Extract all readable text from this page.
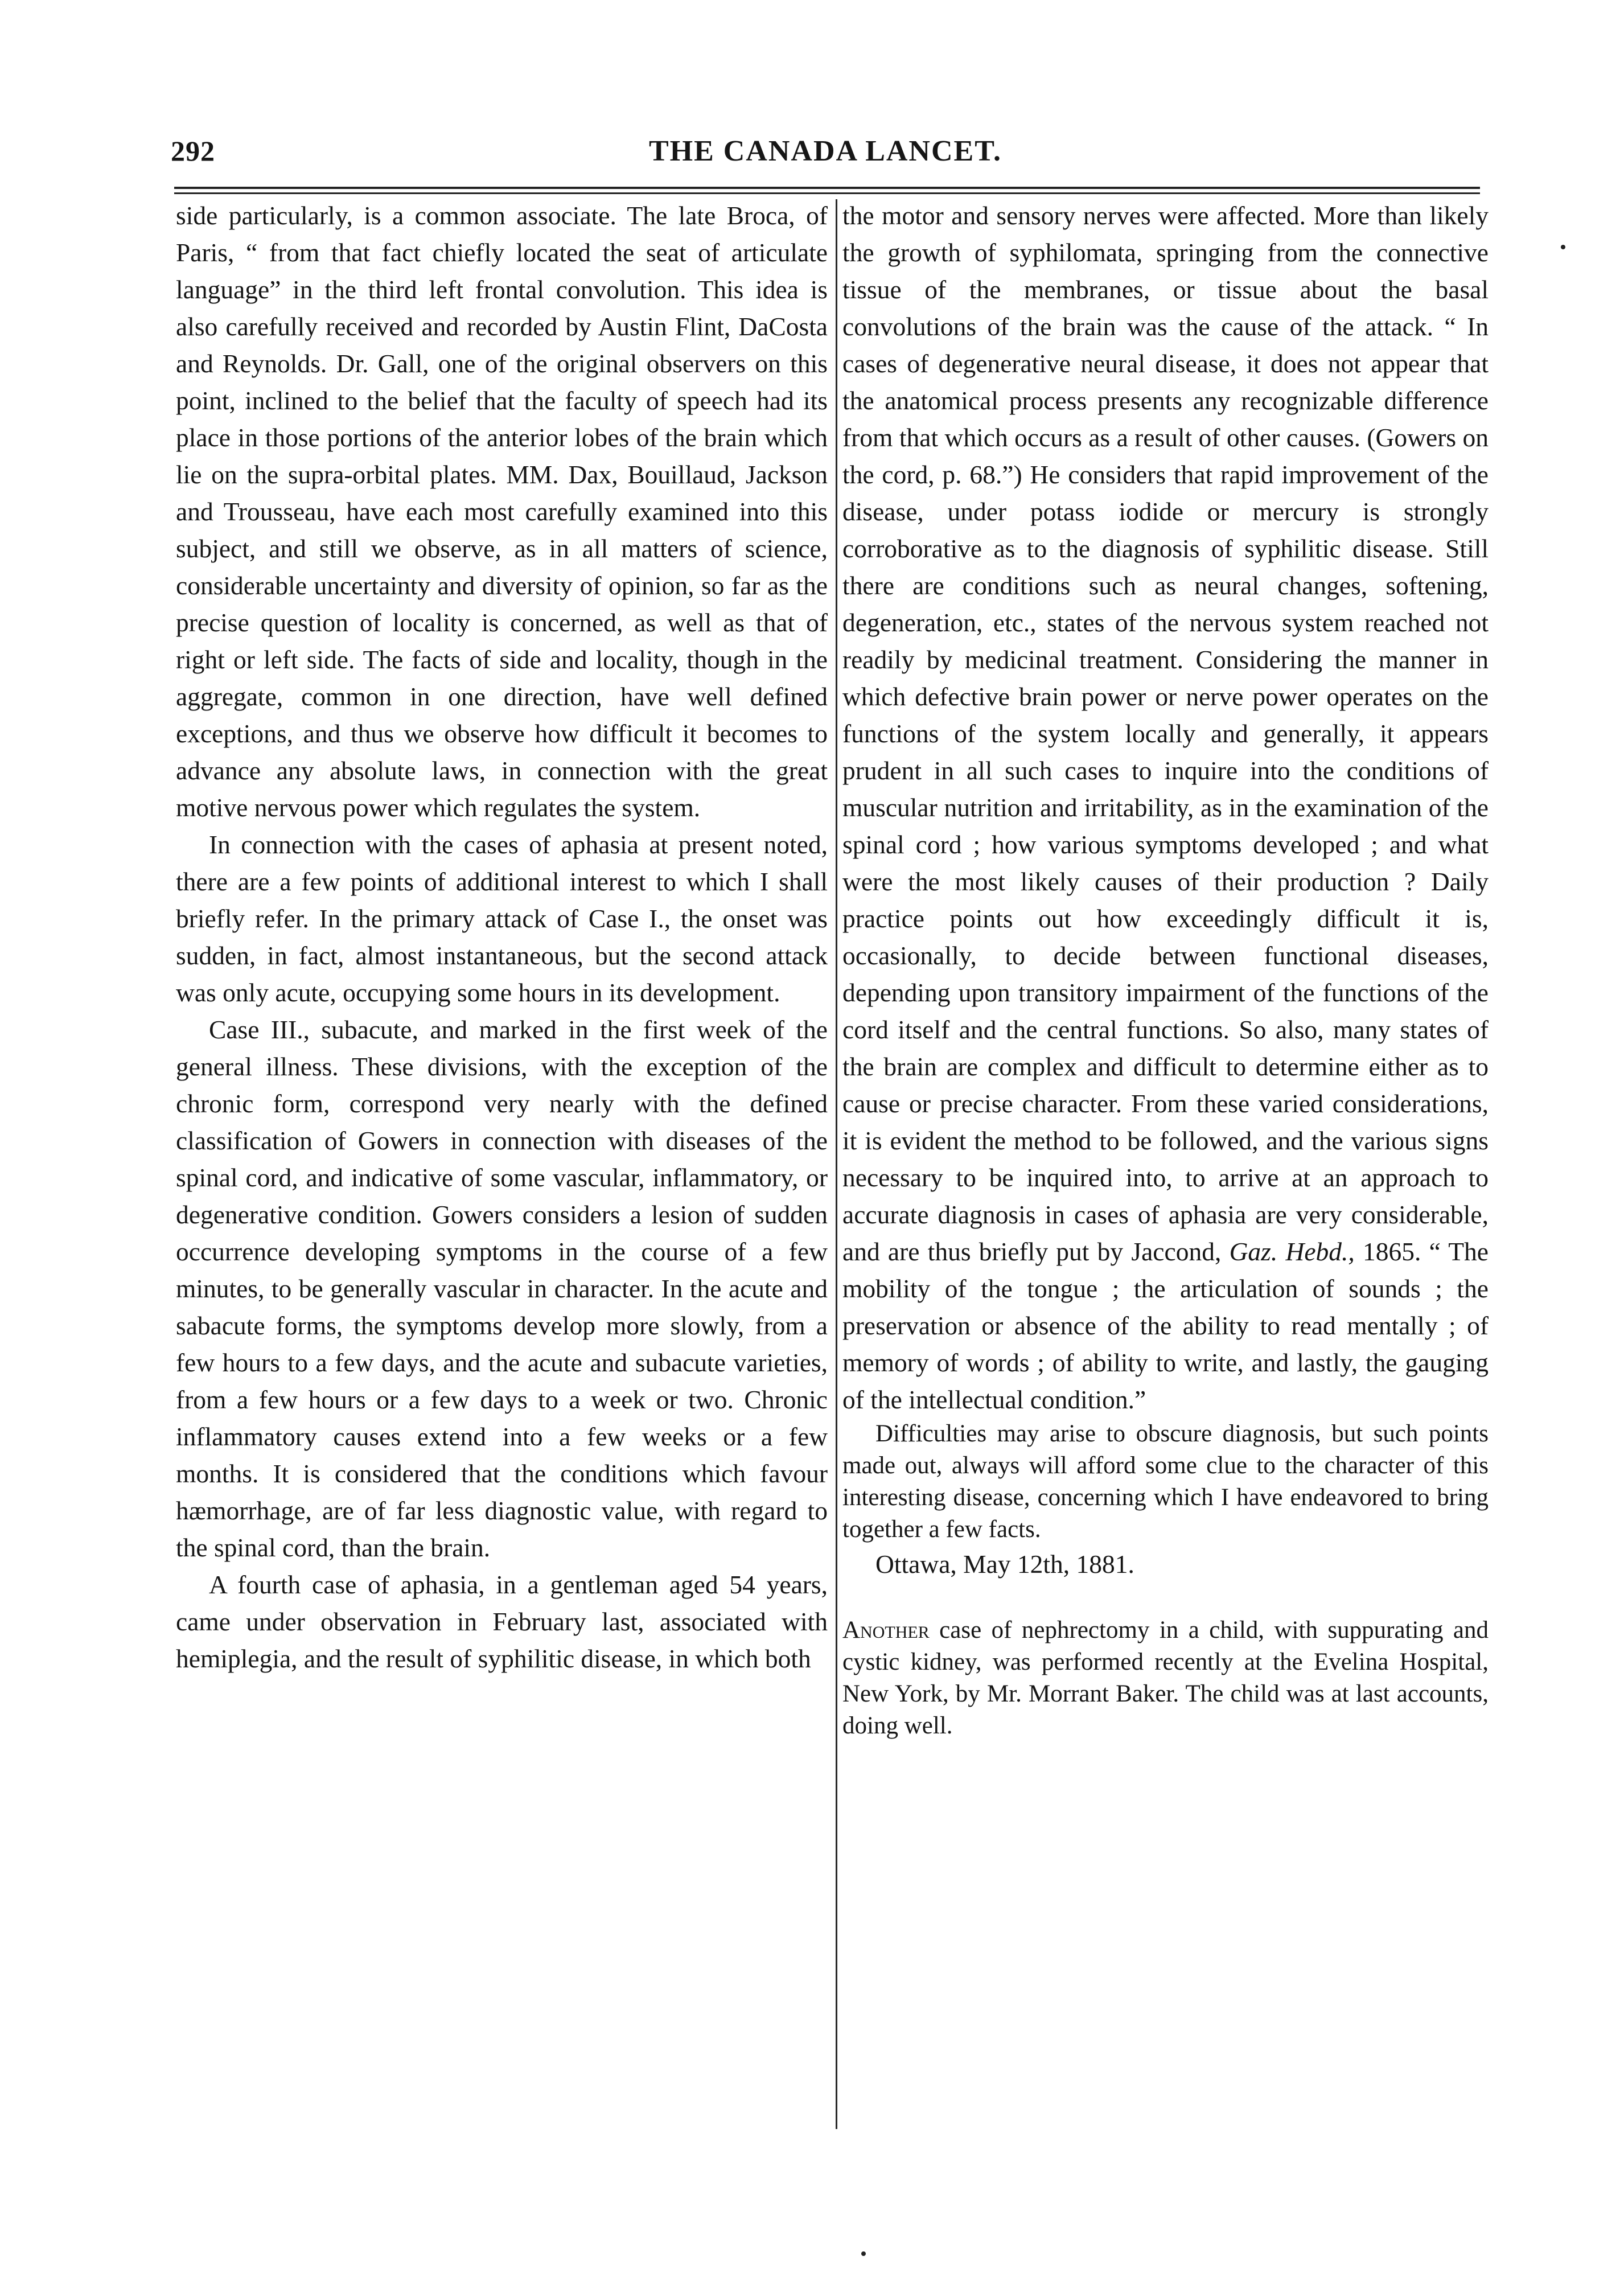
292	THE CANADA LANCET.

side particularly, is a common associate. The late Broca, of Paris, “ from that fact chiefly located the seat of articulate language” in the third left frontal convolution. This idea is also carefully received and recorded by Austin Flint, DaCosta and Reynolds. Dr. Gall, one of the original observers on this point, inclined to the belief that the faculty of speech had its place in those portions of the anterior lobes of the brain which lie on the supra-orbital plates. MM. Dax, Bouillaud, Jackson and Trousseau, have each most carefully examined into this subject, and still we observe, as in all matters of science, considerable uncertainty and diversity of opinion, so far as the precise question of locality is concerned, as well as that of right or left side. The facts of side and locality, though in the aggregate, common in one direction, have well defined exceptions, and thus we observe how difficult it becomes to advance any absolute laws, in connection with the great motive nervous power which regulates the system.

In connection with the cases of aphasia at present noted, there are a few points of additional interest to which I shall briefly refer. In the primary attack of Case I., the onset was sudden, in fact, almost instantaneous, but the second attack was only acute, occupying some hours in its development.

Case III., subacute, and marked in the first week of the general illness. These divisions, with the exception of the chronic form, correspond very nearly with the defined classification of Gowers in connection with diseases of the spinal cord, and indicative of some vascular, inflammatory, or degenerative condition. Gowers considers a lesion of sudden occurrence developing symptoms in the course of a few minutes, to be generally vascular in character. In the acute and sabacute forms, the symptoms develop more slowly, from a few hours to a few days, and the acute and subacute varieties, from a few hours or a few days to a week or two. Chronic inflammatory causes extend into a few weeks or a few months. It is considered that the conditions which favour hæmorrhage, are of far less diagnostic value, with regard to the spinal cord, than the brain.

A fourth case of aphasia, in a gentleman aged 54 years, came under observation in February last, associated with hemiplegia, and the result of syphilitic disease, in which both

the motor and sensory nerves were affected. More than likely the growth of syphilomata, springing from the connective tissue of the membranes, or tissue about the basal convolutions of the brain was the cause of the attack. “ In cases of degenerative neural disease, it does not appear that the anatomical process presents any recognizable difference from that which occurs as a result of other causes. (Gowers on the cord, p. 68.”) He considers that rapid improvement of the disease, under potass iodide or mercury is strongly corroborative as to the diagnosis of syphilitic disease. Still there are conditions such as neural changes, softening, degeneration, etc., states of the nervous system reached not readily by medicinal treatment. Considering the manner in which defective brain power or nerve power operates on the functions of the system locally and generally, it appears prudent in all such cases to inquire into the conditions of muscular nutrition and irritability, as in the examination of the spinal cord ; how various symptoms developed ; and what were the most likely causes of their production ? Daily practice points out how exceedingly difficult it is, occasionally, to decide between functional diseases, depending upon transitory impairment of the functions of the cord itself and the central functions. So also, many states of the brain are complex and difficult to determine either as to cause or precise character. From these varied considerations, it is evident the method to be followed, and the various signs necessary to be inquired into, to arrive at an approach to accurate diagnosis in cases of aphasia are very considerable, and are thus briefly put by Jaccond, Gaz. Hebd., 1865. “ The mobility of the tongue ; the articulation of sounds ; the preservation or absence of the ability to read mentally ; of memory of words ; of ability to write, and lastly, the gauging of the intellectual condition.”

Difficulties may arise to obscure diagnosis, but such points made out, always will afford some clue to the character of this interesting disease, concerning which I have endeavored to bring together a few facts.

Ottawa, May 12th, 1881.

Another case of nephrectomy in a child, with suppurating and cystic kidney, was performed recently at the Evelina Hospital, New York, by Mr. Morrant Baker. The child was at last accounts, doing well.
